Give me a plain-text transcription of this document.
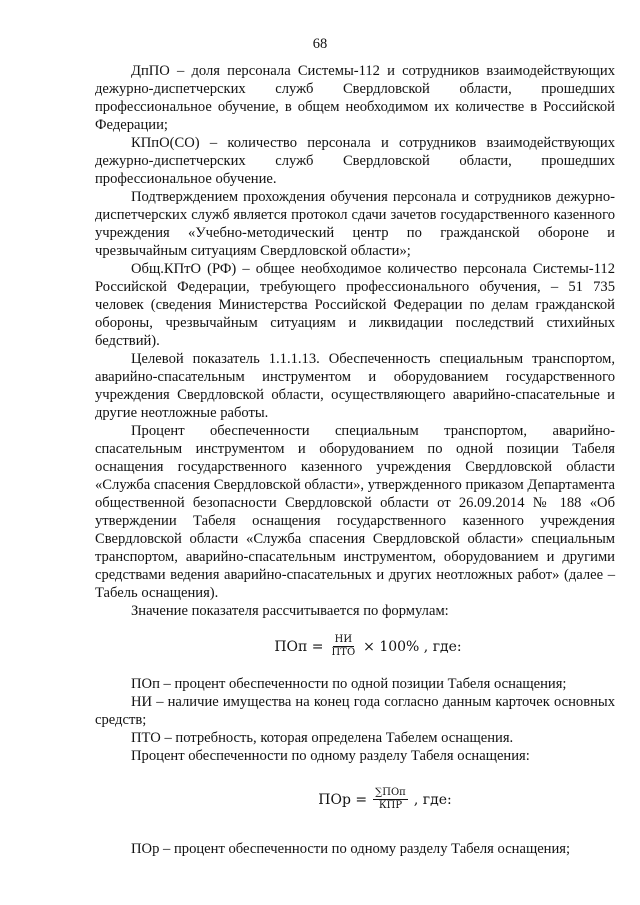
68

ДпПО – доля персонала Системы-112 и сотрудников взаимодействующих дежурно-диспетчерских служб Свердловской области, прошедших профессиональное обучение, в общем необходимом их количестве в Российской Федерации;

КПпО(СО) – количество персонала и сотрудников взаимодействующих дежурно-диспетчерских служб Свердловской области, прошедших профессиональное обучение.

Подтверждением прохождения обучения персонала и сотрудников дежурно-диспетчерских служб является протокол сдачи зачетов государственного казенного учреждения «Учебно-методический центр по гражданской обороне и чрезвычайным ситуациям Свердловской области»;

Общ.КПтО (РФ) – общее необходимое количество персонала Системы-112 Российской Федерации, требующего профессионального обучения, – 51 735 человек (сведения Министерства Российской Федерации по делам гражданской обороны, чрезвычайным ситуациям и ликвидации последствий стихийных бедствий).

Целевой показатель 1.1.1.13. Обеспеченность специальным транспортом, аварийно-спасательным инструментом и оборудованием государственного учреждения Свердловской области, осуществляющего аварийно-спасательные и другие неотложные работы.

Процент обеспеченности специальным транспортом, аварийно-спасательным инструментом и оборудованием по одной позиции Табеля оснащения государственного казенного учреждения Свердловской области «Служба спасения Свердловской области», утвержденного приказом Департамента общественной безопасности Свердловской области от 26.09.2014 № 188 «Об утверждении Табеля оснащения государственного казенного учреждения Свердловской области «Служба спасения Свердловской области» специальным транспортом, аварийно-спасательным инструментом, оборудованием и другими средствами ведения аварийно-спасательных и других неотложных работ» (далее – Табель оснащения).

Значение показателя рассчитывается по формулам:

ПОп = $\frac{НИ}{\text{ПТО}} \times 100\%$ , где:

ПОп – процент обеспеченности по одной позиции Табеля оснащения;

НИ – наличие имущества на конец года согласно данным карточек основных средств;

ПТО – потребность, которая определена Табелем оснащения.

Процент обеспеченности по одному разделу Табеля оснащения:

ПОр = $\frac{\text{∑ПОп}}{\text{КПР}}$ , где:

ПОр – процент обеспеченности по одному разделу Табеля оснащения;
